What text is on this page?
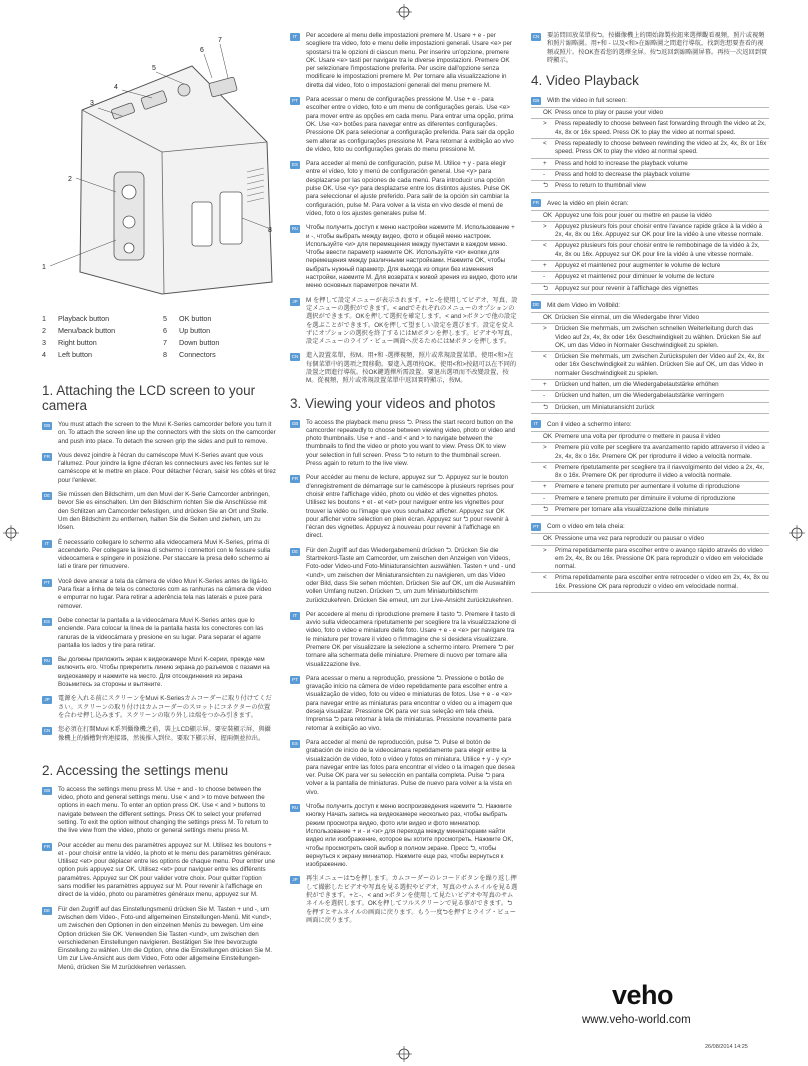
1
2
3
4
5
6
7
8
1	Playback button	5	OK button
2	Menu/back button	6	Up button
3	Right button	7	Down button
4	Left button	8	Connectors
1. Attaching the LCD screen to your camera
GB You must attach the screen to the Muvi K-Series camcorder before you turn it on. To attach the screen line up the connectors with the slots on the camcorder and push into place. To detach the screen grip the sides and pull to remove.
FR	Vous devez joindre à l'écran du caméscope Muvi K-Series avant que vous l'allumez. Pour joindre la ligne d'écran les connecteurs avec les fentes sur le caméscope et le mettre en place. Pour détacher l'écran, saisir les côtés et tirez pour l'enlever.
DE	Sie müssen den Bildschirm, um den Muvi der K-Serie Camcorder anbringen, bevor Sie es einschalten. Um den Bildschirm richten Sie die Anschlüsse mit den Schlitzen am Camcorder befestigen, und drücken Sie an Ort und Stelle. Um den Bildschirm zu entfernen, halten Sie die Seiten und ziehen, um zu lösen.
IT	È necessario collegare lo schermo alla videocamera Muvi K-Series, prima di accenderlo. Per collegare la linea di schermo i connettori con le fessure sulla videocamera e spingere in posizione. Per staccare la presa dello schermo ai lati e tirare per rimuovere.
PT	Você deve anexar a tela da câmera de vídeo Muvi K-Series antes de ligá-lo. Para fixar a linha de tela os conectores com as ranhuras na câmera de vídeo e empurrar no lugar. Para retirar a aderência tela nas laterais e puxe para remover.
ES	Debe conectar la pantalla a la videocámara Muvi K-Series antes que lo enciende. Para colocar la línea de la pantalla hasta los conectores con las ranuras de la videocámara y presione en su lugar. Para separar el agarre pantalla los lados y tire para retirar.
RU Вы должны приложить экран к видеокамере Muvi K-серии, прежде чем включить его. Чтобы прикрепить линию экрана до разъемов с пазами на видеокамеру и нажмите на место. Для отсоединения из экрана Возьмитесь за стороны и вытяните.
JP	電源を入れる前にスクリーンをMuvi K-Seriesカムコーダーに取り付けてください。スクリーンの取り付けはカムコーダーのスロットにコネクターの位置を合わせ押し込みます。スクリーンの取り外しは端をつかみ引きます。
CN 您必須在打開Muvi K系列攝像機之前，裝上LCD顯示屏。要安裝顯示屏，與攝像機上的插槽對齊連接器，然後推入到位。要取下顯示屏，握兩側並拉出。
2. Accessing the settings menu
GB To access the settings menu press M. Use + and - to choose between the video, photo and general settings menu. Use < and > to move between the options in each menu. To enter an option press OK. Use < and > buttons to navigate between the different settings. Press OK to select your preferred setting. To exit the option without changing the settings press M. To return to the live view from the video, photo or general settings menu press M.
FR	Pour accéder au menu des paramètres appuyez sur M. Utilisez les boutons + et - pour choisir entre la vidéo, la photo et le menu des paramètres généraux. Utilisez <et> pour déplacer entre les options de chaque menu. Pour entrer une option puis appuyez sur OK. Utilisez <et> pour naviguer entre les différents paramètres. Appuyez sur OK pour valider votre choix. Pour quitter l'option sans modifier les paramètres appuyez sur M. Pour revenir à l'affichage en direct de la vidéo, photo ou paramètres généraux menu, appuyez sur M.
DE	Für den Zugriff auf das Einstellungsmenü drücken Sie M. Tasten + und -, um zwischen dem Video-, Foto-und allgemeinen Einstellungen-Menü. Mit <und>, um zwischen den Optionen in den einzelnen Menüs zu bewegen. Um eine Option drücken Sie OK. Verwenden Sie Tasten <und>, um zwischen den verschiedenen Einstellungen navigieren. Bestätigen Sie Ihre bevorzugte Einstellung zu wählen. Um die Option, ohne die Einstellungen drücken Sie M. Um zur Live-Ansicht aus dem Video, Foto oder allgemeine Einstellungen-Menü, drücken Sie M zurückkehren verlassen.
IT	Per accedere al menu delle impostazioni premere M. Usare + e - per scegliere tra video, foto e menu delle impostazioni generali. Usare <e> per spostarsi tra le opzioni di ciascun menu. Per inserire un'opzione, premere OK. Usare <e> tasti per navigare tra le diverse impostazioni. Premere OK per selezionare l'impostazione preferita. Per uscire dall'opzione senza modificare le impostazioni premere M. Per tornare alla visualizzazione in diretta dal video, foto o impostazioni generali del menu premere M.
PT	Para acessar o menu de configurações pressione M. Use + e - para escolher entre o vídeo, foto e um menu de configurações gerais. Use <e> para mover entre as opções em cada menu. Para entrar uma opção, prima OK. Use <e> botões para navegar entre as diferentes configurações. Pressione OK para selecionar a configuração preferida. Para sair da opção sem alterar as configurações pressione M. Para retornar à exibição ao vivo de vídeo, foto ou configurações gerais do menu pressione M.
ES	Para acceder al menú de configuración, pulse M. Utilice + y - para elegir entre el vídeo, foto y menú de configuración general. Use <y> para desplazarse por las opciones de cada menú. Para introducir una opción pulse OK. Use <y> para desplazarse entre los distintos ajustes. Pulse OK para seleccionar el ajuste preferido. Para salir de la opción sin cambiar la configuración, pulse M. Para volver a la vista en vivo desde el menú de vídeo, foto o los ajustes generales pulse M.
RU Чтобы получить доступ к меню настройки нажмите M. Использование + и -, чтобы выбрать между видео, фото и общей меню настроек. Используйте <и> для перемещения между пунктами в каждом меню. Чтобы ввести параметр нажмите OK. Используйте <и> кнопки для перемещения между различными настройками. Нажмите OK, чтобы выбрать нужный параметр. Для выхода из опции без изменения настройки, нажмите M. Для возврата к живой зрения из видео, фото или меню основных параметров печати M.
JP	M を押して設定メニューが表示されます。+と-を使用してビデオ、写真、設定メニューの選択ができます。< andでそれぞれのメニューのオプションの選択ができます。OKを押して選択を確定します。< and >ボタンで他の設定を選ぶことができます。OKを押して望ましい設定を選びます。設定を変えずにオプションの選択を終了するにはMボタンを押します。ビデオや写真、設定メニューのライブ・ビュー画面へ戻るためにはMボタンを押します。
CN 進入設置菜單，按M。用+和 -選擇視頻，照片或常規設置菜單。使用<和>在每個菜單中的選項之間移動。要進入選項按OK。使用<和>按鈕可以在不同的設置之間進行導航。按OK鍵選擇所需設置。要退出選項而不改變設置，按M。從視頻，照片或常規設置菜單中返回實時顯示，按M。
3. Viewing your videos and photos
GB To access the playback menu press ⮌. Press the start record button on the camcorder repeatedly to choose between viewing video, photo or video and photo thumbnails. Use + and - and < and > to navigate between the thumbnails to find the video or photo you want to view. Press OK to view your selection in full screen. Press ⮌ to return to the thumbnail screen. Press again to return to the live view.
FR	Pour accéder au menu de lecture, appuyez sur ⮌. Appuyez sur le bouton d'enregistrement de démarrage sur le caméscope à plusieurs reprises pour choisir entre l'affichage vidéo, photo ou vidéo et des vignettes photos. Utilisez les boutons + et - et <et> pour naviguer entre les vignettes pour trouver la vidéo ou l'image que vous souhaitez afficher. Appuyez sur OK pour afficher votre sélection en plein écran. Appuyez sur ⮌ pour revenir à l'écran des vignettes. Appuyez à nouveau pour revenir à l'affichage en direct.
DE	Für den Zugriff auf das Wiedergabemenü drücken ⮌. Drücken Sie die Startrekord-Taste am Camcorder, um zwischen den Anzeigen von Videos, Foto-oder Video-und Foto-Miniaturansichten auswählen. Tasten + und - und <und>, um zwischen der Miniaturansichten zu navigieren, um das Video oder Bild, dass Sie sehen möchten. Drücken Sie auf OK, um die Auswahlim vollen Umfang nutzen. Drücken ⮌, um zum Miniaturbildschirm zurückzukehren. Drücken Sie erneut, um zur Live-Ansicht zurückzukehren.
IT	Per accedere al menu di riproduzione premere il tasto ⮌. Premere il tasto di avvio sulla videocamera ripetutamente per scegliere tra la visualizzazione di video, foto o video e miniature delle foto. Usare + e - e <e> per navigare tra le miniature per trovare il video o l'immagine che si desidera visualizzare. Premere OK per visualizzare la selezione a schermo intero. Premere ⮌ per tornare alla schermata delle miniature. Premere di nuovo per tornare alla visualizzazione live.
PT	Para acessar o menu a reprodução, pressione ⮌. Pressione o botão de gravação início na câmera de vídeo repetidamente para escolher entre a visualização de vídeo, foto ou vídeo e miniaturas de fotos. Use + e - e <e> para navegar entre as miniaturas para encontrar o vídeo ou a imagem que deseja visualizar. Pressione OK para ver sua seleção em tela cheia. Imprensa ⮌ para retornar à tela de miniaturas. Pressione novamente para retornar à exibição ao vivo.
ES	Para acceder al menú de reproducción, pulse ⮌. Pulse el botón de grabación de inicio de la videocámara repetidamente para elegir entre la visualización de vídeo, foto o vídeo y fotos en miniatura. Utilice + y - y <y> para navegar entre las fotos para encontrar el vídeo o la imagen que desea ver. Pulse OK para ver su selección en pantalla completa. Pulse ⮌ para volver a la pantalla de miniaturas. Pulse de nuevo para volver a la vista en vivo.
RU Чтобы получить доступ к меню воспроизведения нажмите ⮌. Нажмите кнопку Начать запись на видеокамере несколько раз, чтобы выбрать режим просмотра видео, фото или видео и фото миниатюр. Использование + и - и <и> для перехода между миниатюрами найти видео или изображение, которое вы хотите просмотреть. Нажмите OK, чтобы просмотреть свой выбор в полном экране. Пресс ⮌, чтобы вернуться к экрану миниатюр. Нажмите еще раз, чтобы вернуться к изображению.
JP	再生メニューは⮌を押します。カムコーダーのレコードボタンを繰り返し押して撮影したビデオや写真を見る選択やビデオ、写真のサムネイルを見る選択ができます。+と-、< and >ボタンを使用して見たいビデオや写真のサムネイルを選択します。OKを押してフルスクリーンで見る事ができます。⮌を押すとサムネイルの画面に戻ります。もう一度⮌を押すとライブ・ビュー画面に戻ります。
CN 要訪問回放菜單按⮌。按攝像機上的開始錄製按鈕來選擇觀看視頻，照片或視頻和照片縮略圖。用+和 - 以及<和>在縮略圖之間進行導航，找到您想要查看的視頻或照片。按OK查看您的選擇全屏。按⮌返回到縮略圖屏幕。再按一次返回到實時顯示。
4. Video Playback
GB With the video in full screen:
OK Press once to play or pause your video
>	Press repeatedly to choose between fast forwarding through the video at 2x, 4x, 8x or 16x speed. Press OK to play the video at normal speed.
<	Press repeatedly to choose between rewinding the video at 2x, 4x, 8x or 16x speed. Press OK to play the video at normal speed.
+	Press and hold to increase the playback volume
-	Press and hold to decrease the playback volume
⮌	Press to return to thumbnail view
FR	Avec la vidéo en plein écran:
OK Appuyez une fois pour jouer ou mettre en pause la vidéo
>	Appuyez plusieurs fois pour choisir entre l'avance rapide grâce à la vidéo à 2x, 4x, 8x ou 16x. Appuyez sur OK pour lire la vidéo à une vitesse normale.
<	Appuyez plusieurs fois pour choisir entre le rembobinage de la vidéo à 2x, 4x, 8x ou 16x. Appuyez sur OK pour lire la vidéo à une vitesse normale.
+	Appuyez et maintenez pour augmenter le volume de lecture
-	Appuyez et maintenez pour diminuer le volume de lecture
⮌	Appuyez sur pour revenir à l'affichage des vignettes
DE Mit dem Video im Vollbild:
OK Drücken Sie einmal, um die Wiedergabe Ihrer Video
>	Drücken Sie mehrmals, um zwischen schnellen Weiterleitung durch das Video auf 2x, 4x, 8x oder 16x Geschwindigkeit zu wählen. Drücken Sie auf OK, um das Video in Normaler Geschwindigkeit zu spielen.
<	Drücken Sie mehrmals, um zwischen Zurückspulen der Video auf 2x, 4x, 8x oder 16x Geschwindigkeit zu wählen. Drücken Sie auf OK, um das Video in normaler Geschwindigkeit zu spielen.
+	Drücken und halten, um die Wiedergabelautstärke erhöhen
-	Drücken und halten, um die Wiedergabelautstärke verringern
⮌	Drücken, um Miniaturansicht zurück
IT	Con il video a schermo intero:
OK Premere una volta per riprodurre o mettere in pausa il video
>	Premere più volte per scegliere tra avanzamento rapido attraverso il video a 2x, 4x, 8x o 16x. Premere OK per riprodurre il video a velocità normale.
<	Premere ripetutamente per scegliere tra il riavvolgimento del video a 2x, 4x, 8x o 16x. Premere OK per riprodurre il video a velocità normale.
+	Premere e tenere premuto per aumentare il volume di riproduzione
-	Premere e tenere premuto per diminuire il volume di riproduzione
⮌	Premere per tornare alla visualizzazione delle miniature
PT	Com o vídeo em tela cheia:
OK Pressione uma vez para reproduzir ou pausar o vídeo
>	Prima repetidamente para escolher entre o avanço rápido através do vídeo em 2x, 4x, 8x ou 16x. Pressione OK para reproduzir o vídeo em velocidade normal.
<	Prima repetidamente para escolher entre retroceder o vídeo em 2x, 4x, 8x ou 16x. Pressione OK para reproduzir o vídeo em velocidade normal.
veho
www.veho-world.com
26/08/2014 14:25
